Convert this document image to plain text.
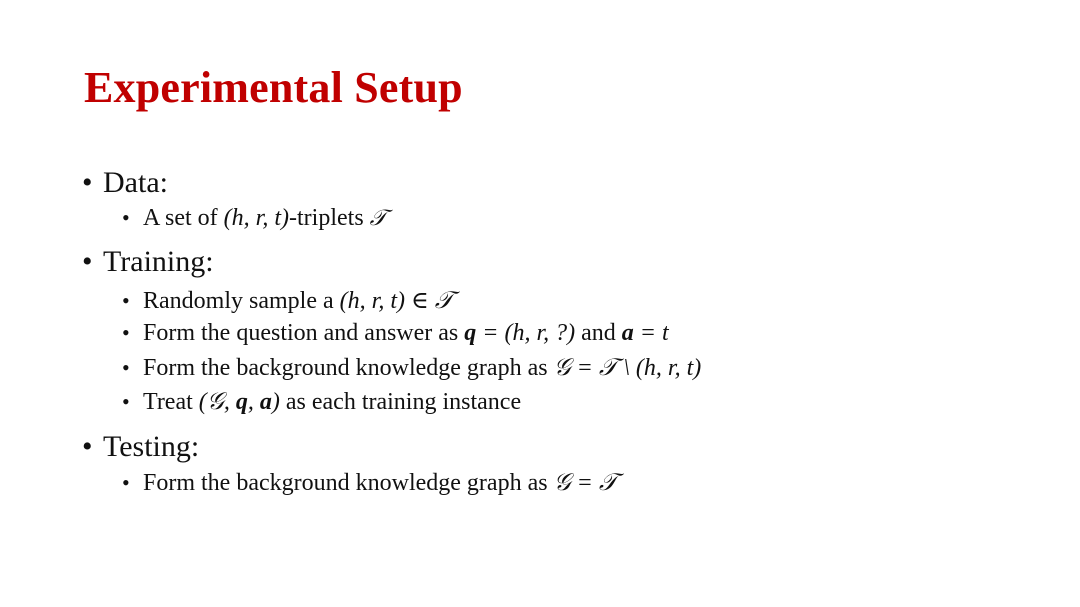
Experimental Setup
• Data:
• A set of (h, r, t)-triplets 𝒯
• Training:
• Randomly sample a (h, r, t) ∈ 𝒯
• Form the question and answer as q = (h, r, ?) and a = t
• Form the background knowledge graph as 𝒢 = 𝒯 \ (h, r, t)
• Treat (𝒢, q, a) as each training instance
• Testing:
• Form the background knowledge graph as 𝒢 = 𝒯
